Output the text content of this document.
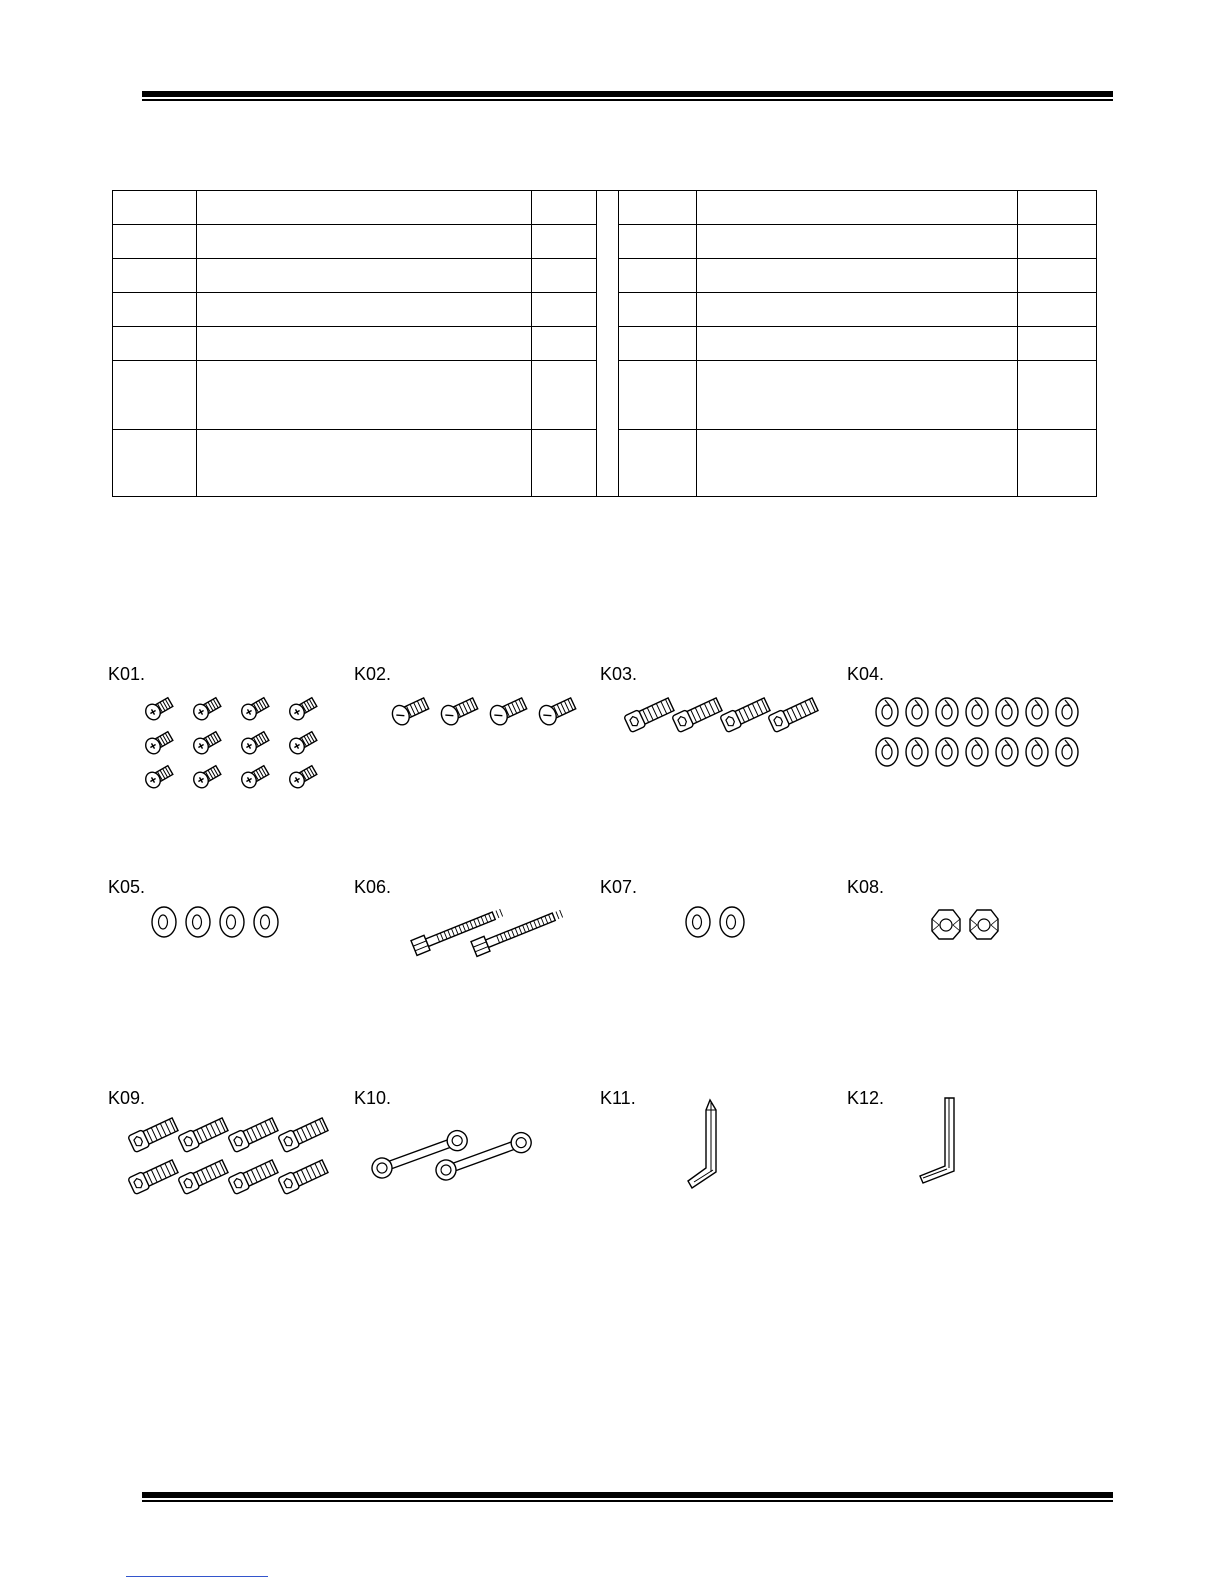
K01.	K02.	K03.	K04.
K05.	K06.	K07.	K08.
K09.	K10.	K11.	K12.
